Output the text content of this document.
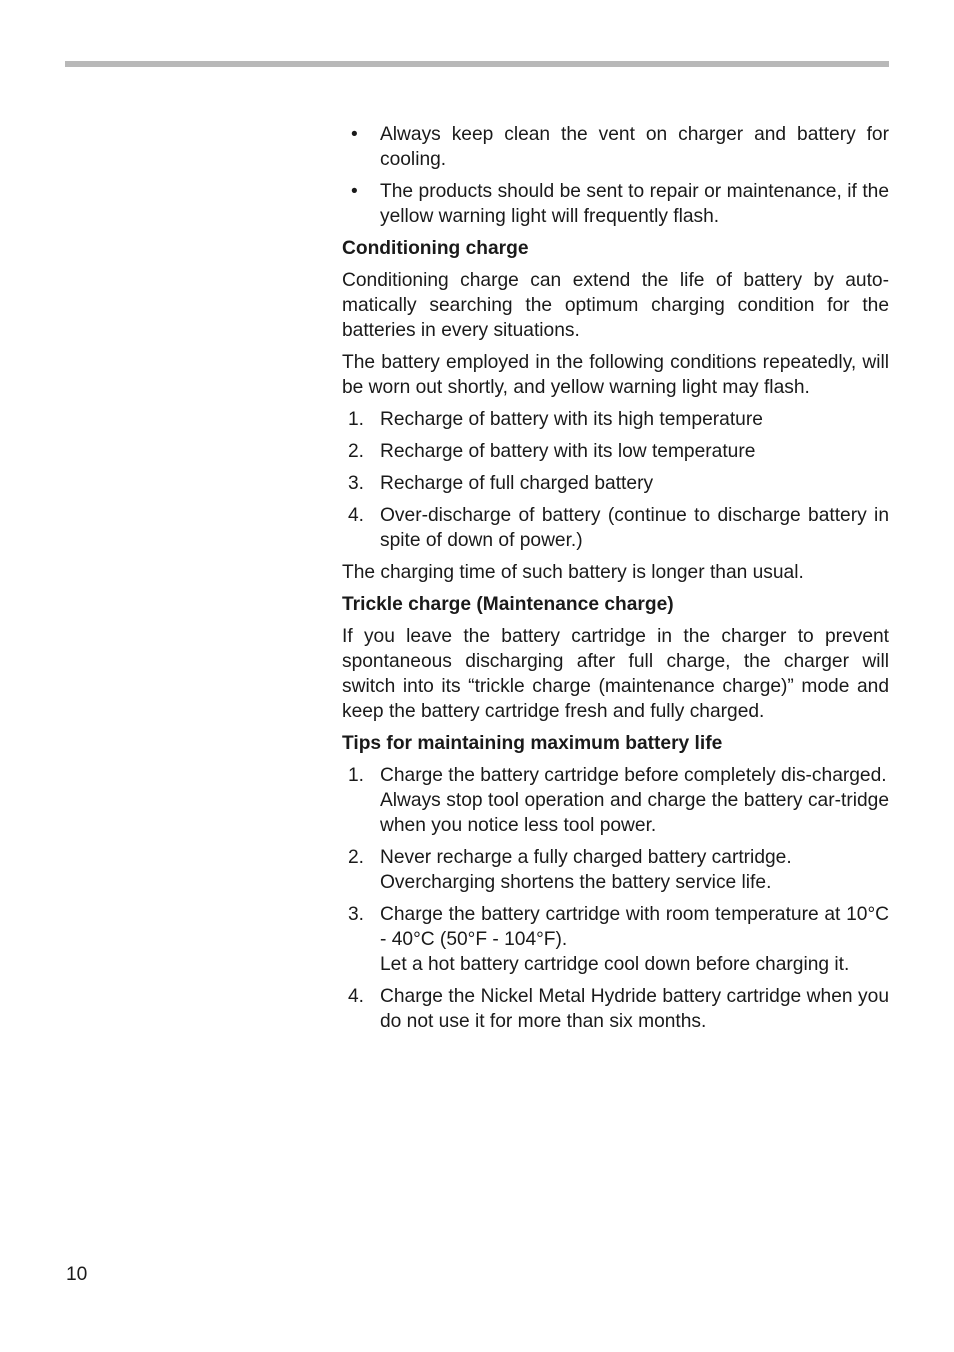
• Always keep clean the vent on charger and battery for cooling.
• The products should be sent to repair or maintenance, if the yellow warning light will frequently flash.
Conditioning charge

Conditioning charge can extend the life of battery by auto-matically searching the optimum charging condition for the batteries in every situations.

The battery employed in the following conditions repeatedly, will be worn out shortly, and yellow warning light may flash.

1. Recharge of battery with its high temperature
2. Recharge of battery with its low temperature
3. Recharge of full charged battery
4. Over-discharge of battery (continue to discharge battery in spite of down of power.)

The charging time of such battery is longer than usual.

Trickle charge (Maintenance charge)

If you leave the battery cartridge in the charger to prevent spontaneous discharging after full charge, the charger will switch into its “trickle charge (maintenance charge)” mode and keep the battery cartridge fresh and fully charged.

Tips for maintaining maximum battery life
1. Charge the battery cartridge before completely dis-charged.
Always stop tool operation and charge the battery car-tridge when you notice less tool power.
2. Never recharge a fully charged battery cartridge.
Overcharging shortens the battery service life.
3. Charge the battery cartridge with room temperature at 10°C - 40°C (50°F - 104°F).
Let a hot battery cartridge cool down before charging it.
4. Charge the Nickel Metal Hydride battery cartridge when you do not use it for more than six months.
10
